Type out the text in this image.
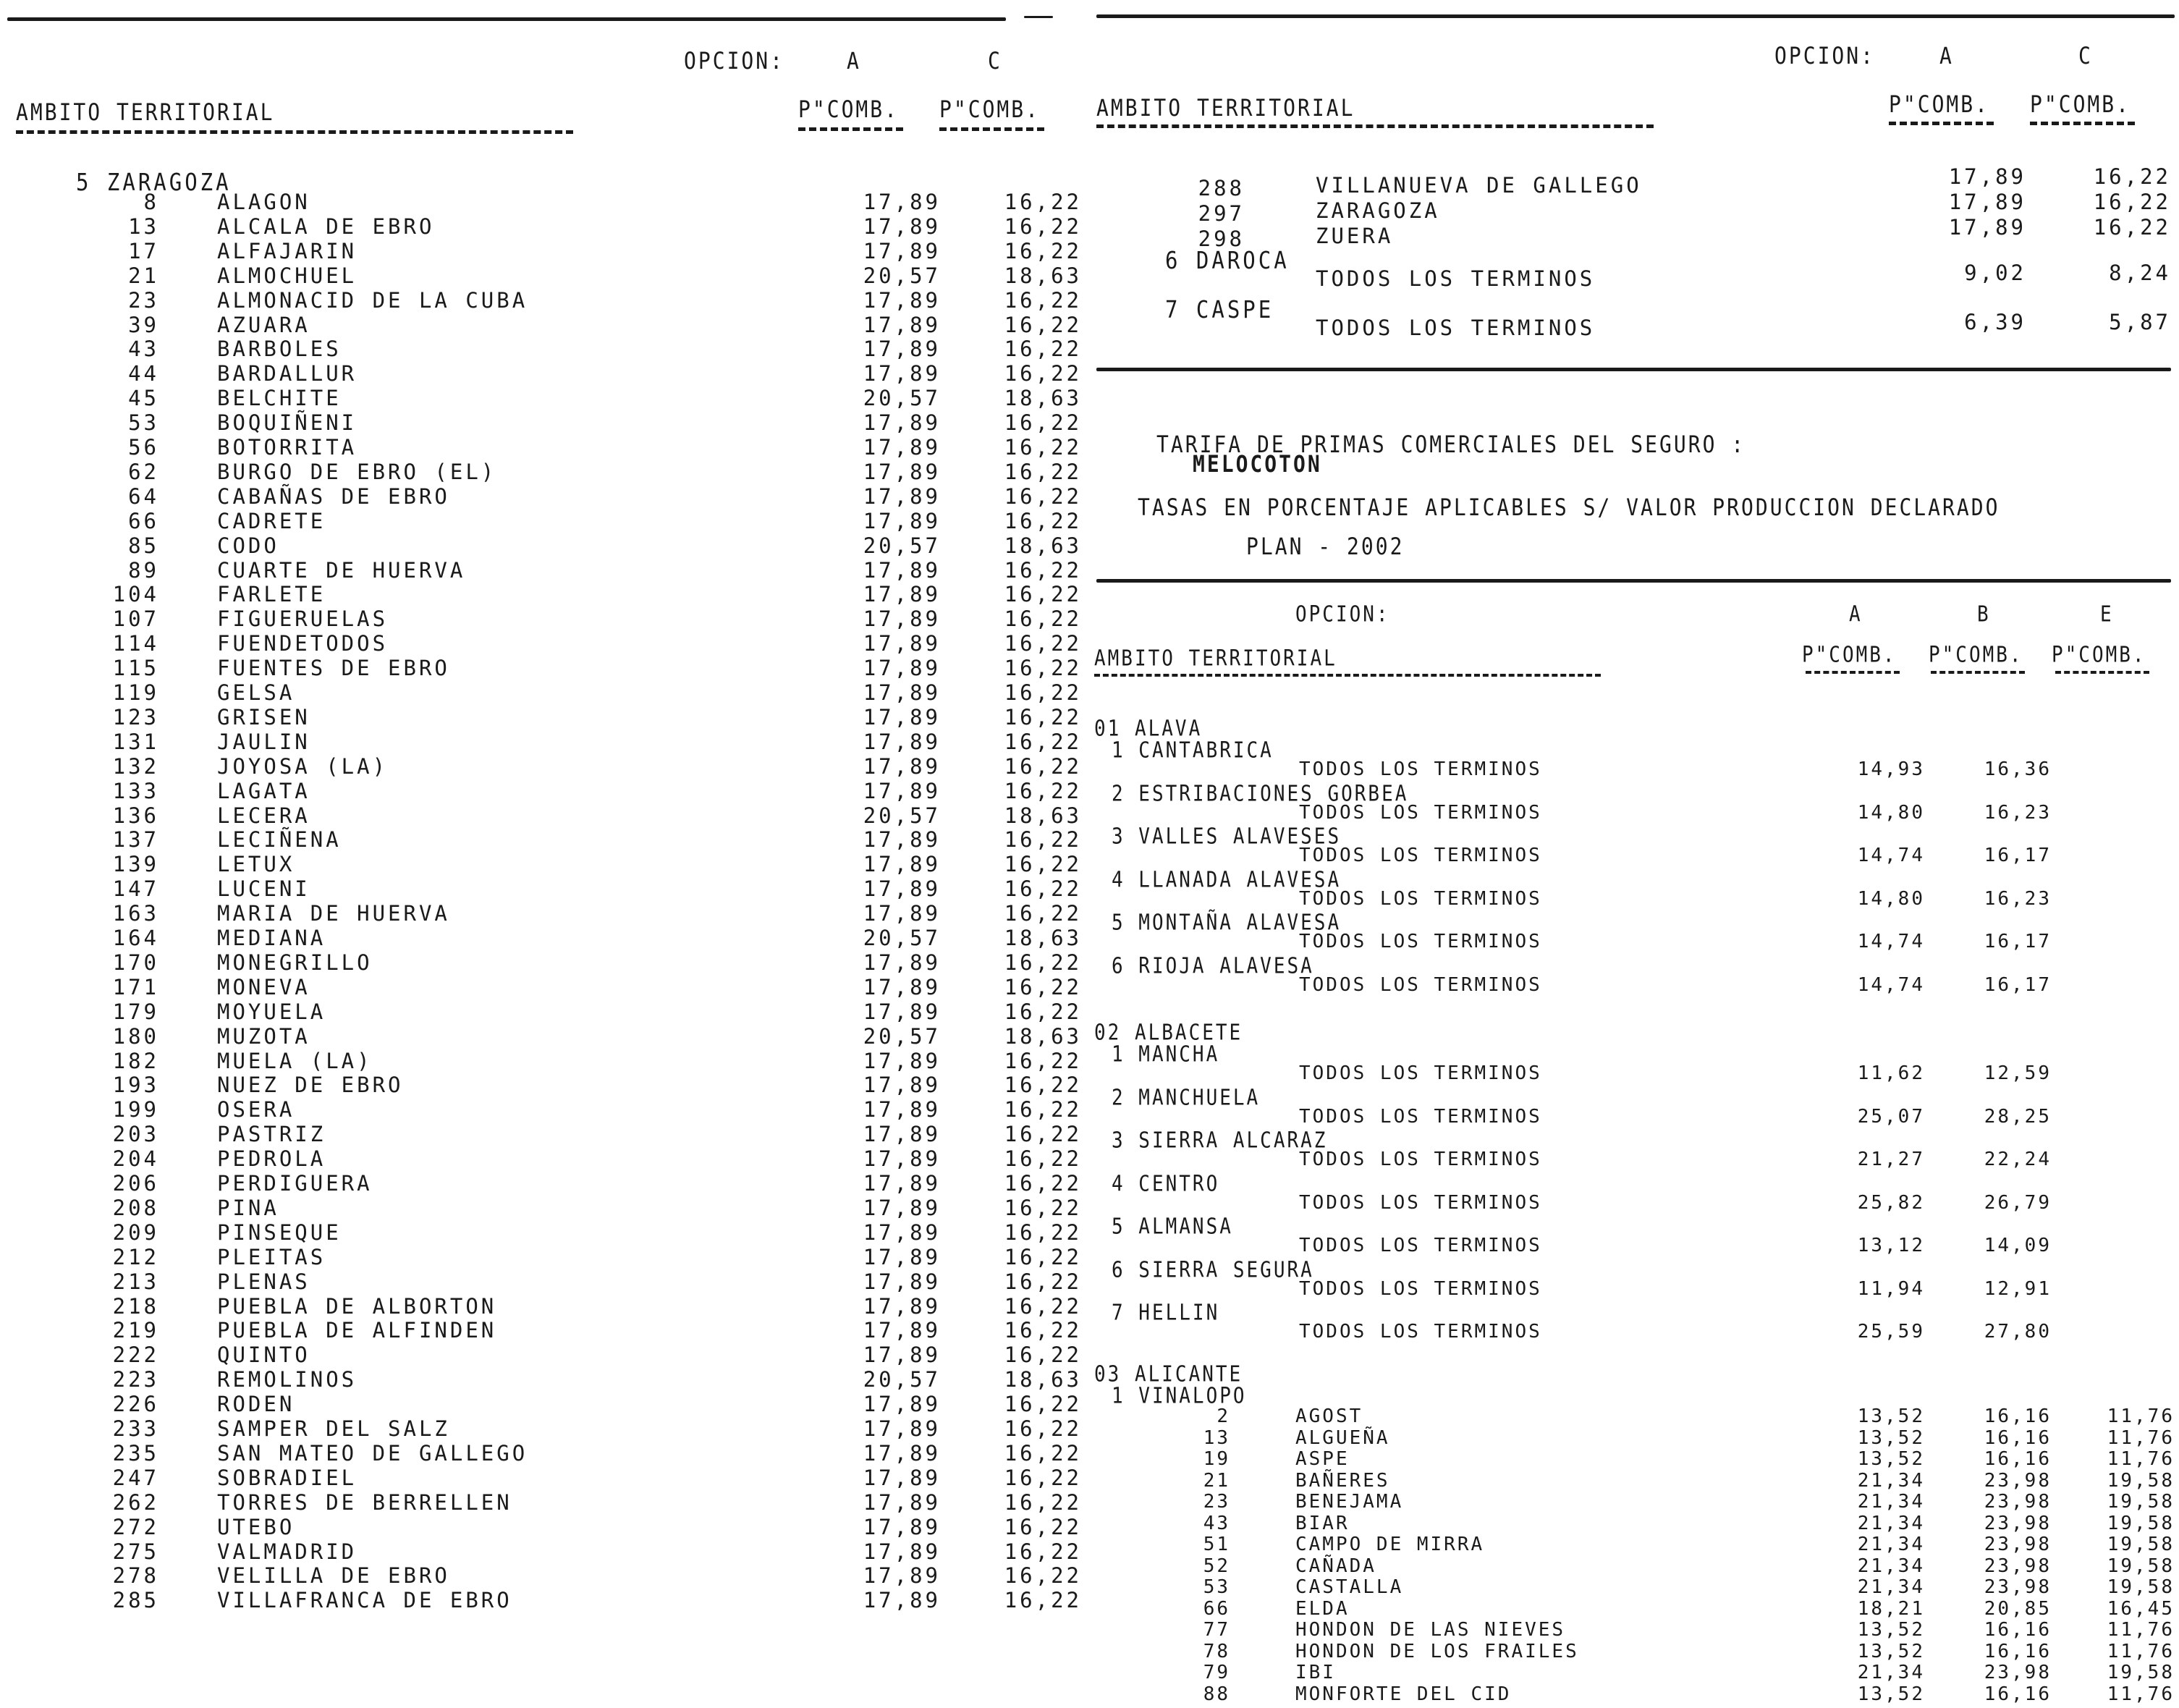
OPCION:	A	C
AMBITO TERRITORIAL	P"COMB. P"COMB.
5 ZARAGOZA
8	ALAGON	17,89	16,22
13	ALCALA DE EBRO	17,89	16,22
17	ALFAJARIN	17,89	16,22
21	ALMOCHUEL	20,57	18,63
23	ALMONACID DE LA CUBA	17,89	16,22
39	AZUARA	17,89	16,22
43	BARBOLES	17,89	16,22
44	BARDALLUR	17,89	16,22
45	BELCHITE	20,57	18,63
53	BOQUIÑENI	17,89	16,22
56	BOTORRITA	17,89	16,22
62	BURGO DE EBRO (EL)	17,89	16,22
64	CABAÑAS DE EBRO	17,89	16,22
66	CADRETE	17,89	16,22
85	CODO	20,57	18,63
89	CUARTE DE HUERVA	17,89	16,22
104	FARLETE	17,89	16,22
107	FIGUERUELAS	17,89	16,22
114	FUENDETODOS	17,89	16,22
115	FUENTES DE EBRO	17,89	16,22
119	GELSA	17,89	16,22
123	GRISEN	17,89	16,22
131	JAULIN	17,89	16,22
132	JOYOSA (LA)	17,89	16,22
133	LAGATA	17,89	16,22
136	LECERA	20,57	18,63
137	LECIÑENA	17,89	16,22
139	LETUX	17,89	16,22
147	LUCENI	17,89	16,22
163	MARIA DE HUERVA	17,89	16,22
164	MEDIANA	20,57	18,63
170	MONEGRILLO	17,89	16,22
171	MONEVA	17,89	16,22
179	MOYUELA	17,89	16,22
180	MUZOTA	20,57	18,63
182	MUELA (LA)	17,89	16,22
193	NUEZ DE EBRO	17,89	16,22
199	OSERA	17,89	16,22
203	PASTRIZ	17,89	16,22
204	PEDROLA	17,89	16,22
206	PERDIGUERA	17,89	16,22
208	PINA	17,89	16,22
209	PINSEQUE	17,89	16,22
212	PLEITAS	17,89	16,22
213	PLENAS	17,89	16,22
218	PUEBLA DE ALBORTON	17,89	16,22
219	PUEBLA DE ALFINDEN	17,89	16,22
222	QUINTO	17,89	16,22
223	REMOLINOS	20,57	18,63
226	RODEN	17,89	16,22
233	SAMPER DEL SALZ	17,89	16,22
235	SAN MATEO DE GALLEGO	17,89	16,22
247	SOBRADIEL	17,89	16,22
262	TORRES DE BERRELLEN	17,89	16,22
272	UTEBO	17,89	16,22
275	VALMADRID	17,89	16,22
278	VELILLA DE EBRO	17,89	16,22
285	VILLAFRANCA DE EBRO	17,89	16,22
OPCION:	A	C
AMBITO TERRITORIAL	P"COMB. P"COMB.
288	VILLANUEVA DE GALLEGO	17,89	16,22
297	ZARAGOZA	17,89	16,22
298	ZUERA	17,89	16,22
6 DAROCA
TODOS LOS TERMINOS	9,02	8,24
7 CASPE
TODOS LOS TERMINOS	6,39	5,87
TARIFA DE PRIMAS COMERCIALES DEL SEGURO :
MELOCOTON
TASAS EN PORCENTAJE APLICABLES S/ VALOR PRODUCCION DECLARADO
PLAN - 2002
OPCION:	A	B	E
AMBITO TERRITORIAL	P"COMB. P"COMB. P"COMB.
01 ALAVA
1 CANTABRICA
TODOS LOS TERMINOS	14,93	16,36
2 ESTRIBACIONES GORBEA
TODOS LOS TERMINOS	14,80	16,23
3 VALLES ALAVESES
TODOS LOS TERMINOS	14,74	16,17
4 LLANADA ALAVESA
TODOS LOS TERMINOS	14,80	16,23
5 MONTAÑA ALAVESA
TODOS LOS TERMINOS	14,74	16,17
6 RIOJA ALAVESA
TODOS LOS TERMINOS	14,74	16,17
02 ALBACETE
1 MANCHA
TODOS LOS TERMINOS	11,62	12,59
2 MANCHUELA
TODOS LOS TERMINOS	25,07	28,25
3 SIERRA ALCARAZ
TODOS LOS TERMINOS	21,27	22,24
4 CENTRO
TODOS LOS TERMINOS	25,82	26,79
5 ALMANSA
TODOS LOS TERMINOS	13,12	14,09
6 SIERRA SEGURA
TODOS LOS TERMINOS	11,94	12,91
7 HELLIN
TODOS LOS TERMINOS	25,59	27,80
03 ALICANTE
1 VINALOPO
2	AGOST	13,52	16,16	11,76
13	ALGUEÑA	13,52	16,16	11,76
19	ASPE	13,52	16,16	11,76
21	BAÑERES	21,34	23,98	19,58
23	BENEJAMA	21,34	23,98	19,58
43	BIAR	21,34	23,98	19,58
51	CAMPO DE MIRRA	21,34	23,98	19,58
52	CAÑADA	21,34	23,98	19,58
53	CASTALLA	21,34	23,98	19,58
66	ELDA	18,21	20,85	16,45
77	HONDON DE LAS NIEVES	13,52	16,16	11,76
78	HONDON DE LOS FRAILES	13,52	16,16	11,76
79	IBI	21,34	23,98	19,58
88	MONFORTE DEL CID	13,52	16,16	11,76
